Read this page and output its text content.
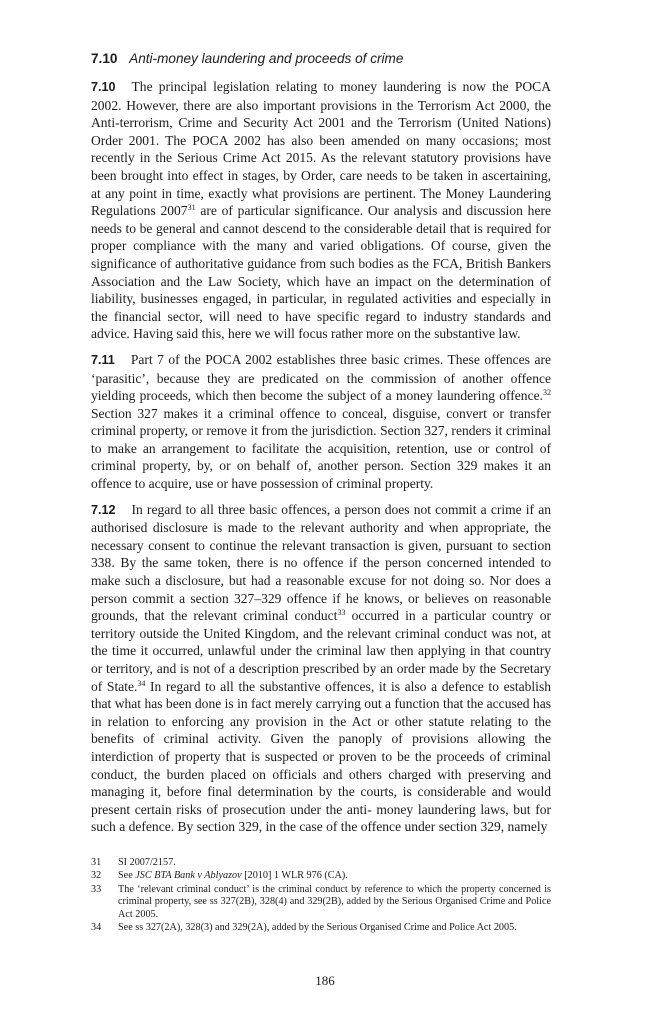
7.10 Anti-money laundering and proceeds of crime

7.10 The principal legislation relating to money laundering is now the POCA 2002. However, there are also important provisions in the Terrorism Act 2000, the Anti-terrorism, Crime and Security Act 2001 and the Terrorism (United Nations) Order 2001. The POCA 2002 has also been amended on many occasions; most recently in the Serious Crime Act 2015. As the relevant statutory provisions have been brought into effect in stages, by Order, care needs to be taken in ascertaining, at any point in time, exactly what provisions are pertinent. The Money Laundering Regulations 2007$^{31}$ are of particular significance. Our analysis and discussion here needs to be general and cannot descend to the considerable detail that is required for proper compliance with the many and varied obligations. Of course, given the significance of authoritative guidance from such bodies as the FCA, British Bankers Association and the Law Society, which have an impact on the determination of liability, businesses engaged, in particular, in regulated activities and especially in the financial sector, will need to have specific regard to industry standards and advice. Having said this, here we will focus rather more on the substantive law.

7.11 Part 7 of the POCA 2002 establishes three basic crimes. These offences are ‘parasitic’, because they are predicated on the commission of another offence yielding proceeds, which then become the subject of a money laundering offence.$^{32}$ Section 327 makes it a criminal offence to conceal, disguise, convert or transfer criminal property, or remove it from the jurisdiction. Section 327, renders it criminal to make an arrangement to facilitate the acquisition, retention, use or control of criminal property, by, or on behalf of, another person. Section 329 makes it an offence to acquire, use or have possession of criminal property.

7.12 In regard to all three basic offences, a person does not commit a crime if an authorised disclosure is made to the relevant authority and when appropriate, the necessary consent to continue the relevant transaction is given, pursuant to section 338. By the same token, there is no offence if the person concerned intended to make such a disclosure, but had a reasonable excuse for not doing so. Nor does a person commit a section 327–329 offence if he knows, or believes on reasonable grounds, that the relevant criminal conduct$^{33}$ occurred in a particular country or territory outside the United Kingdom, and the relevant criminal conduct was not, at the time it occurred, unlawful under the criminal law then applying in that country or territory, and is not of a description prescribed by an order made by the Secretary of State.$^{34}$ In regard to all the substantive offences, it is also a defence to establish that what has been done is in fact merely carrying out a function that the accused has in relation to enforcing any provision in the Act or other statute relating to the benefits of criminal activity. Given the panoply of provisions allowing the interdiction of property that is suspected or proven to be the proceeds of criminal conduct, the burden placed on officials and others charged with preserving and managing it, before final determination by the courts, is considerable and would present certain risks of prosecution under the anti- money laundering laws, but for such a defence. By section 329, in the case of the offence under section 329, namely

31	SI 2007/2157.
32	See JSC BTA Bank v Ablyazov [2010] 1 WLR 976 (CA).
33	The ‘relevant criminal conduct’ is the criminal conduct by reference to which the property concerned is criminal property, see ss 327(2B), 328(4) and 329(2B), added by the Serious Organised Crime and Police Act 2005.
34	See ss 327(2A), 328(3) and 329(2A), added by the Serious Organised Crime and Police Act 2005.
186
